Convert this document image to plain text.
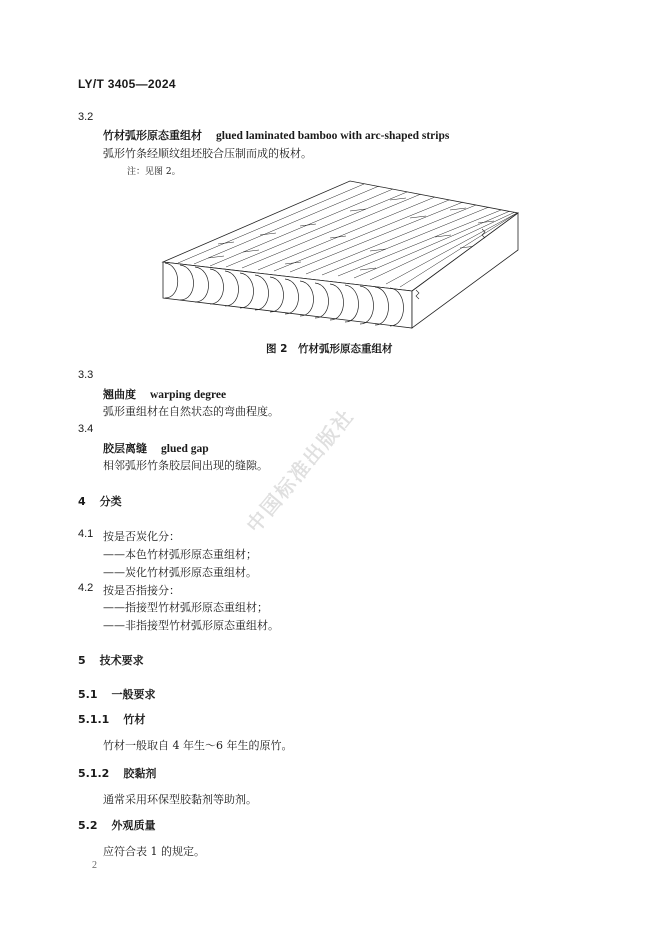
LY/T 3405—2024
3.2
竹材弧形原态重组材 glued laminated bamboo with arc-shaped strips
弧形竹条经顺纹组坯胶合压制而成的板材。
注：见图 2。
图 2　竹材弧形原态重组材
3.3
翘曲度 warping degree
弧形重组材在自然状态的弯曲程度。
3.4
胶层离缝 glued gap
相邻弧形竹条胶层间出现的缝隙。
4 分类
4.1 按是否炭化分：
——本色竹材弧形原态重组材；
——炭化竹材弧形原态重组材。
4.2 按是否指接分：
——指接型竹材弧形原态重组材；
——非指接型竹材弧形原态重组材。
5 技术要求
5.1 一般要求
5.1.1 竹材
竹材一般取自 4 年生～6 年生的原竹。
5.1.2 胶黏剂
通常采用环保型胶黏剂等助剂。
5.2 外观质量
应符合表 1 的规定。
2
中国标准出版社
